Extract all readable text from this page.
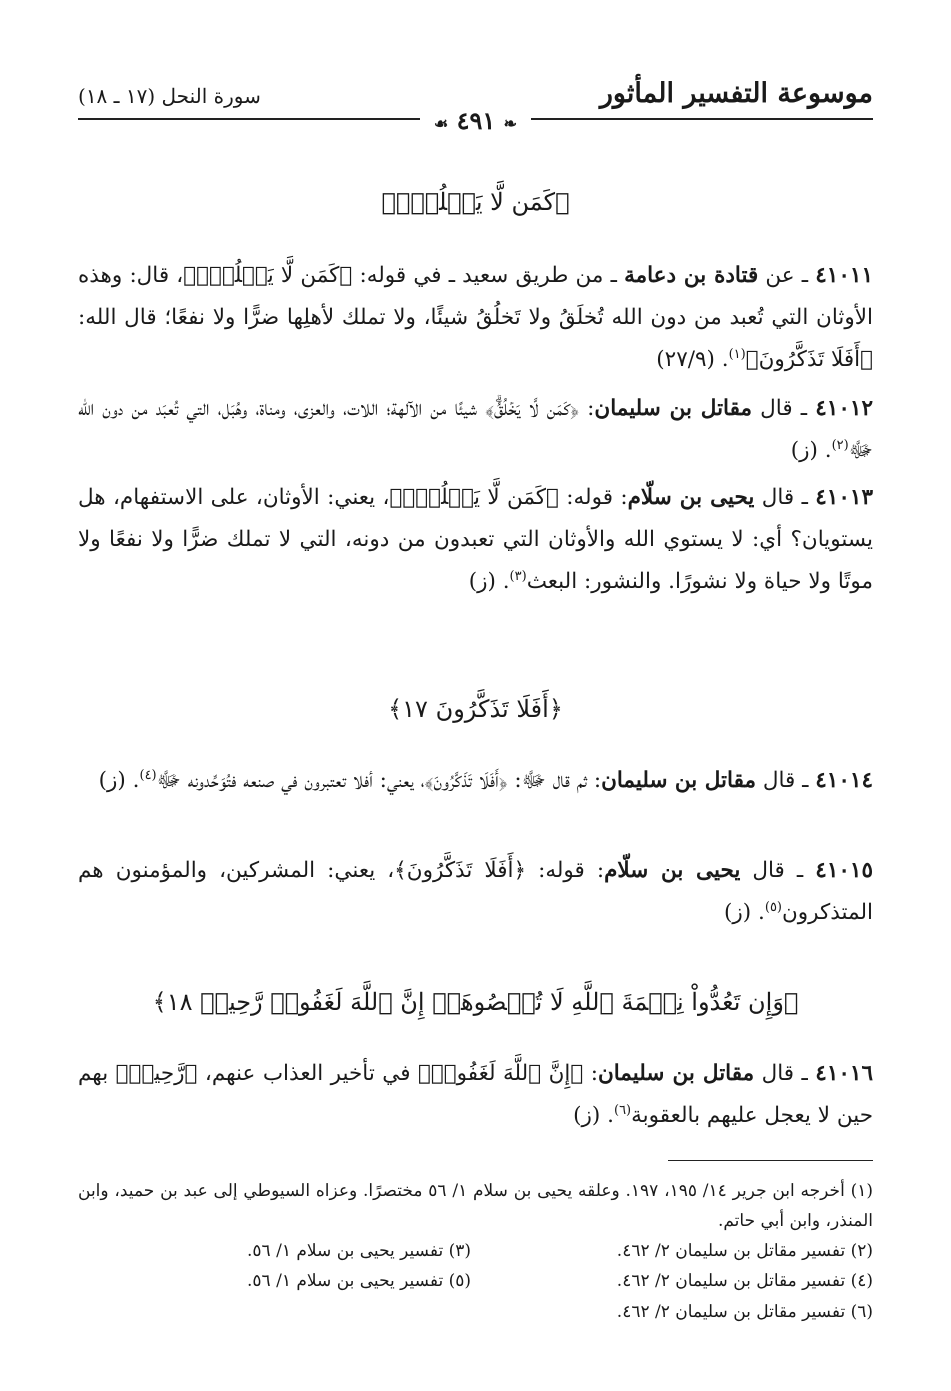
موسوعة التفسير المأثور
سورة النحل (١٧ ـ ١٨)
❧ ٤٩١ ☙
﴿كَمَن لَّا يَخۡلُقُۗ﴾
٤١٠١١ ـ عن قتادة بن دعامة ـ من طريق سعيد ـ في قوله: ﴿كَمَن لَّا يَخۡلُقُۗ﴾، قال: وهذه الأوثان التي تُعبد من دون الله تُخلَقُ ولا تَخلُقُ شيئًا، ولا تملك لأهلِها ضرًّا ولا نفعًا؛ قال الله: ﴿أَفَلَا تَذَكَّرُونَ﴾$^{(١)}$. (٢٧/٩)
٤١٠١٢ ـ قال مقاتل بن سليمان: ﴿كَمَن لَّا يَخۡلُقُۗ﴾ شيئًا من الآلهة؛ اللات، والعزى، ومناة، وهُبَل، التي تُعبَد من دون الله ﷻ$^{(٢)}$. (ز)
٤١٠١٣ ـ قال يحيى بن سلّام: قوله: ﴿كَمَن لَّا يَخۡلُقُۗ﴾، يعني: الأوثان، على الاستفهام، هل يستويان؟ أي: لا يستوي الله والأوثان التي تعبدون من دونه، التي لا تملك ضرًّا ولا نفعًا ولا موتًا ولا حياة ولا نشورًا. والنشور: البعث$^{(٣)}$. (ز)
﴿أَفَلَا تَذَكَّرُونَ ١٧﴾
٤١٠١٤ ـ قال مقاتل بن سليمان: ثم قال ﷻ: ﴿أَفَلَا تَذَكَّرُونَ﴾، يعني: أفلا تعتبرون في صنعه فتُوَحِّدونه ﷻ$^{(٤)}$. (ز)
٤١٠١٥ ـ قال يحيى بن سلّام: قوله: ﴿أَفَلَا تَذَكَّرُونَ﴾، يعني: المشركين، والمؤمنون هم المتذكرون$^{(٥)}$. (ز)
﴿وَإِن تَعُدُّواْ نِعۡمَةَ ٱللَّهِ لَا تُحۡصُوهَآۗ إِنَّ ٱللَّهَ لَغَفُورٞ رَّحِيمٞ ١٨﴾
٤١٠١٦ ـ قال مقاتل بن سليمان: ﴿إِنَّ ٱللَّهَ لَغَفُورٞ﴾ في تأخير العذاب عنهم، ﴿رَّحِيمٞ﴾ بهم حين لا يعجل عليهم بالعقوبة$^{(٦)}$. (ز)
(١) أخرجه ابن جرير ١٤/ ١٩٥، ١٩٧. وعلقه يحيى بن سلام ١/ ٥٦ مختصرًا. وعزاه السيوطي إلى عبد بن حميد، وابن المنذر، وابن أبي حاتم.
(٢) تفسير مقاتل بن سليمان ٢/ ٤٦٢.
(٣) تفسير يحيى بن سلام ١/ ٥٦.
(٤) تفسير مقاتل بن سليمان ٢/ ٤٦٢.
(٥) تفسير يحيى بن سلام ١/ ٥٦.
(٦) تفسير مقاتل بن سليمان ٢/ ٤٦٢.
